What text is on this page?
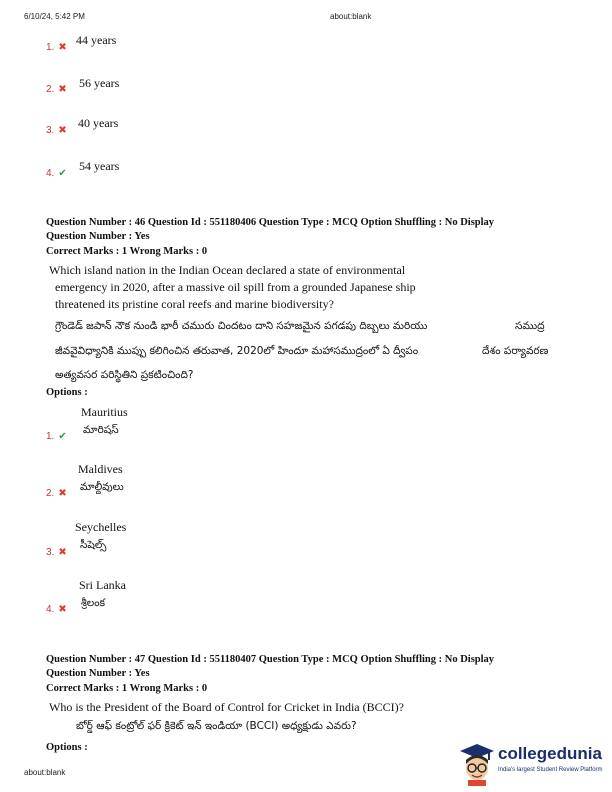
6/10/24, 5:42 PM	about:blank
1. ✖
44 years
2. ✖ 56 years
3. ✖
40 years
4. ✔
54 years
Question Number : 46 Question Id : 551180406 Question Type : MCQ Option Shuffling : No Display
Question Number : Yes
Correct Marks : 1 Wrong Marks : 0
Which island nation in the Indian Ocean declared a state of environmental
emergency in 2020, after a massive oil spill from a grounded Japanese ship
threatened its pristine coral reefs and marine biodiversity?
గ్రౌండెడ్ జపాన్ నౌక నుండి భారీ చమురు చిందటం దాని సహజమైన పగడపు దిబ్బలు మరియు	సముద్ర
జీవవైవిధ్యానికి ముప్పు కలిగించిన తరువాత, 2020లో హిందూ మహాసముద్రంలో ఏ ద్వీపం	దేశం పర్యావరణ
అత్యవసర పరిస్థితిని ప్రకటించింది?
Options :
Mauritius
మారిషస్
1. ✔
Maldives
మాల్దీవులు
2. ✖
Seychelles
సీషెల్స్
3. ✖
Sri Lanka
శ్రీలంక
4. ✖
Question Number : 47 Question Id : 551180407 Question Type : MCQ Option Shuffling : No Display
Question Number : Yes
Correct Marks : 1 Wrong Marks : 0
Who is the President of the Board of Control for Cricket in India (BCCI)?
బోర్డ్ ఆఫ్ కంట్రోల్ ఫర్ క్రికెట్ ఇన్ ఇండియా (BCCI) అధ్యక్షుడు ఎవరు?
Options :
about:blank
collegedunia
India's largest Student Review Platform
